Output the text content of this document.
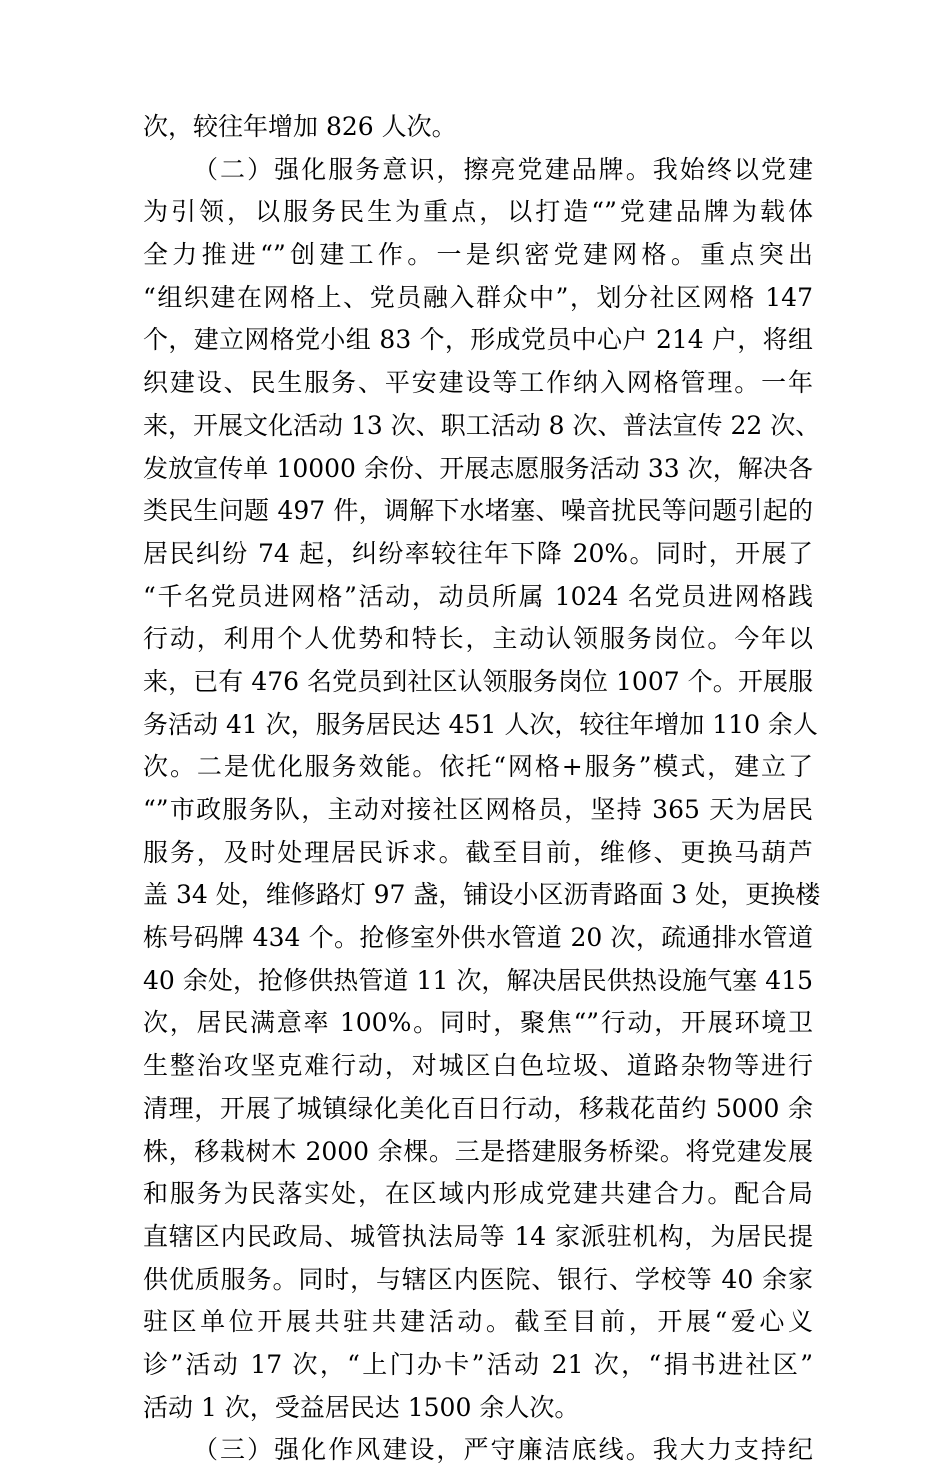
次，较往年增加 826 人次。
（二）强化服务意识，擦亮党建品牌。我始终以党建
为引领，以服务民生为重点，以打造“”党建品牌为载体
全力推进“”创建工作。一是织密党建网格。重点突出
“组织建在网格上、党员融入群众中”，划分社区网格 147
个，建立网格党小组 83 个，形成党员中心户 214 户，将组
织建设、民生服务、平安建设等工作纳入网格管理。一年
来，开展文化活动 13 次、职工活动 8 次、普法宣传 22 次、
发放宣传单 10000 余份、开展志愿服务活动 33 次，解决各
类民生问题 497 件，调解下水堵塞、噪音扰民等问题引起的
居民纠纷 74 起，纠纷率较往年下降 20%。同时，开展了
“千名党员进网格”活动，动员所属 1024 名党员进网格践
行动，利用个人优势和特长，主动认领服务岗位。今年以
来，已有 476 名党员到社区认领服务岗位 1007 个。开展服
务活动 41 次，服务居民达 451 人次，较往年增加 110 余人
次。二是优化服务效能。依托“网格+服务”模式，建立了
“”市政服务队，主动对接社区网格员，坚持 365 天为居民
服务，及时处理居民诉求。截至目前，维修、更换马葫芦
盖 34 处，维修路灯 97 盏，铺设小区沥青路面 3 处，更换楼
栋号码牌 434 个。抢修室外供水管道 20 次，疏通排水管道
40 余处，抢修供热管道 11 次，解决居民供热设施气塞 415
次，居民满意率 100%。同时，聚焦“”行动，开展环境卫
生整治攻坚克难行动，对城区白色垃圾、道路杂物等进行
清理，开展了城镇绿化美化百日行动，移栽花苗约 5000 余
株，移栽树木 2000 余棵。三是搭建服务桥梁。将党建发展
和服务为民落实处，在区域内形成党建共建合力。配合局
直辖区内民政局、城管执法局等 14 家派驻机构，为居民提
供优质服务。同时，与辖区内医院、银行、学校等 40 余家
驻区单位开展共驻共建活动。截至目前，开展“爱心义
诊”活动 17 次，“上门办卡”活动 21 次，“捐书进社区”
活动 1 次，受益居民达 1500 余人次。
（三）强化作风建设，严守廉洁底线。我大力支持纪
